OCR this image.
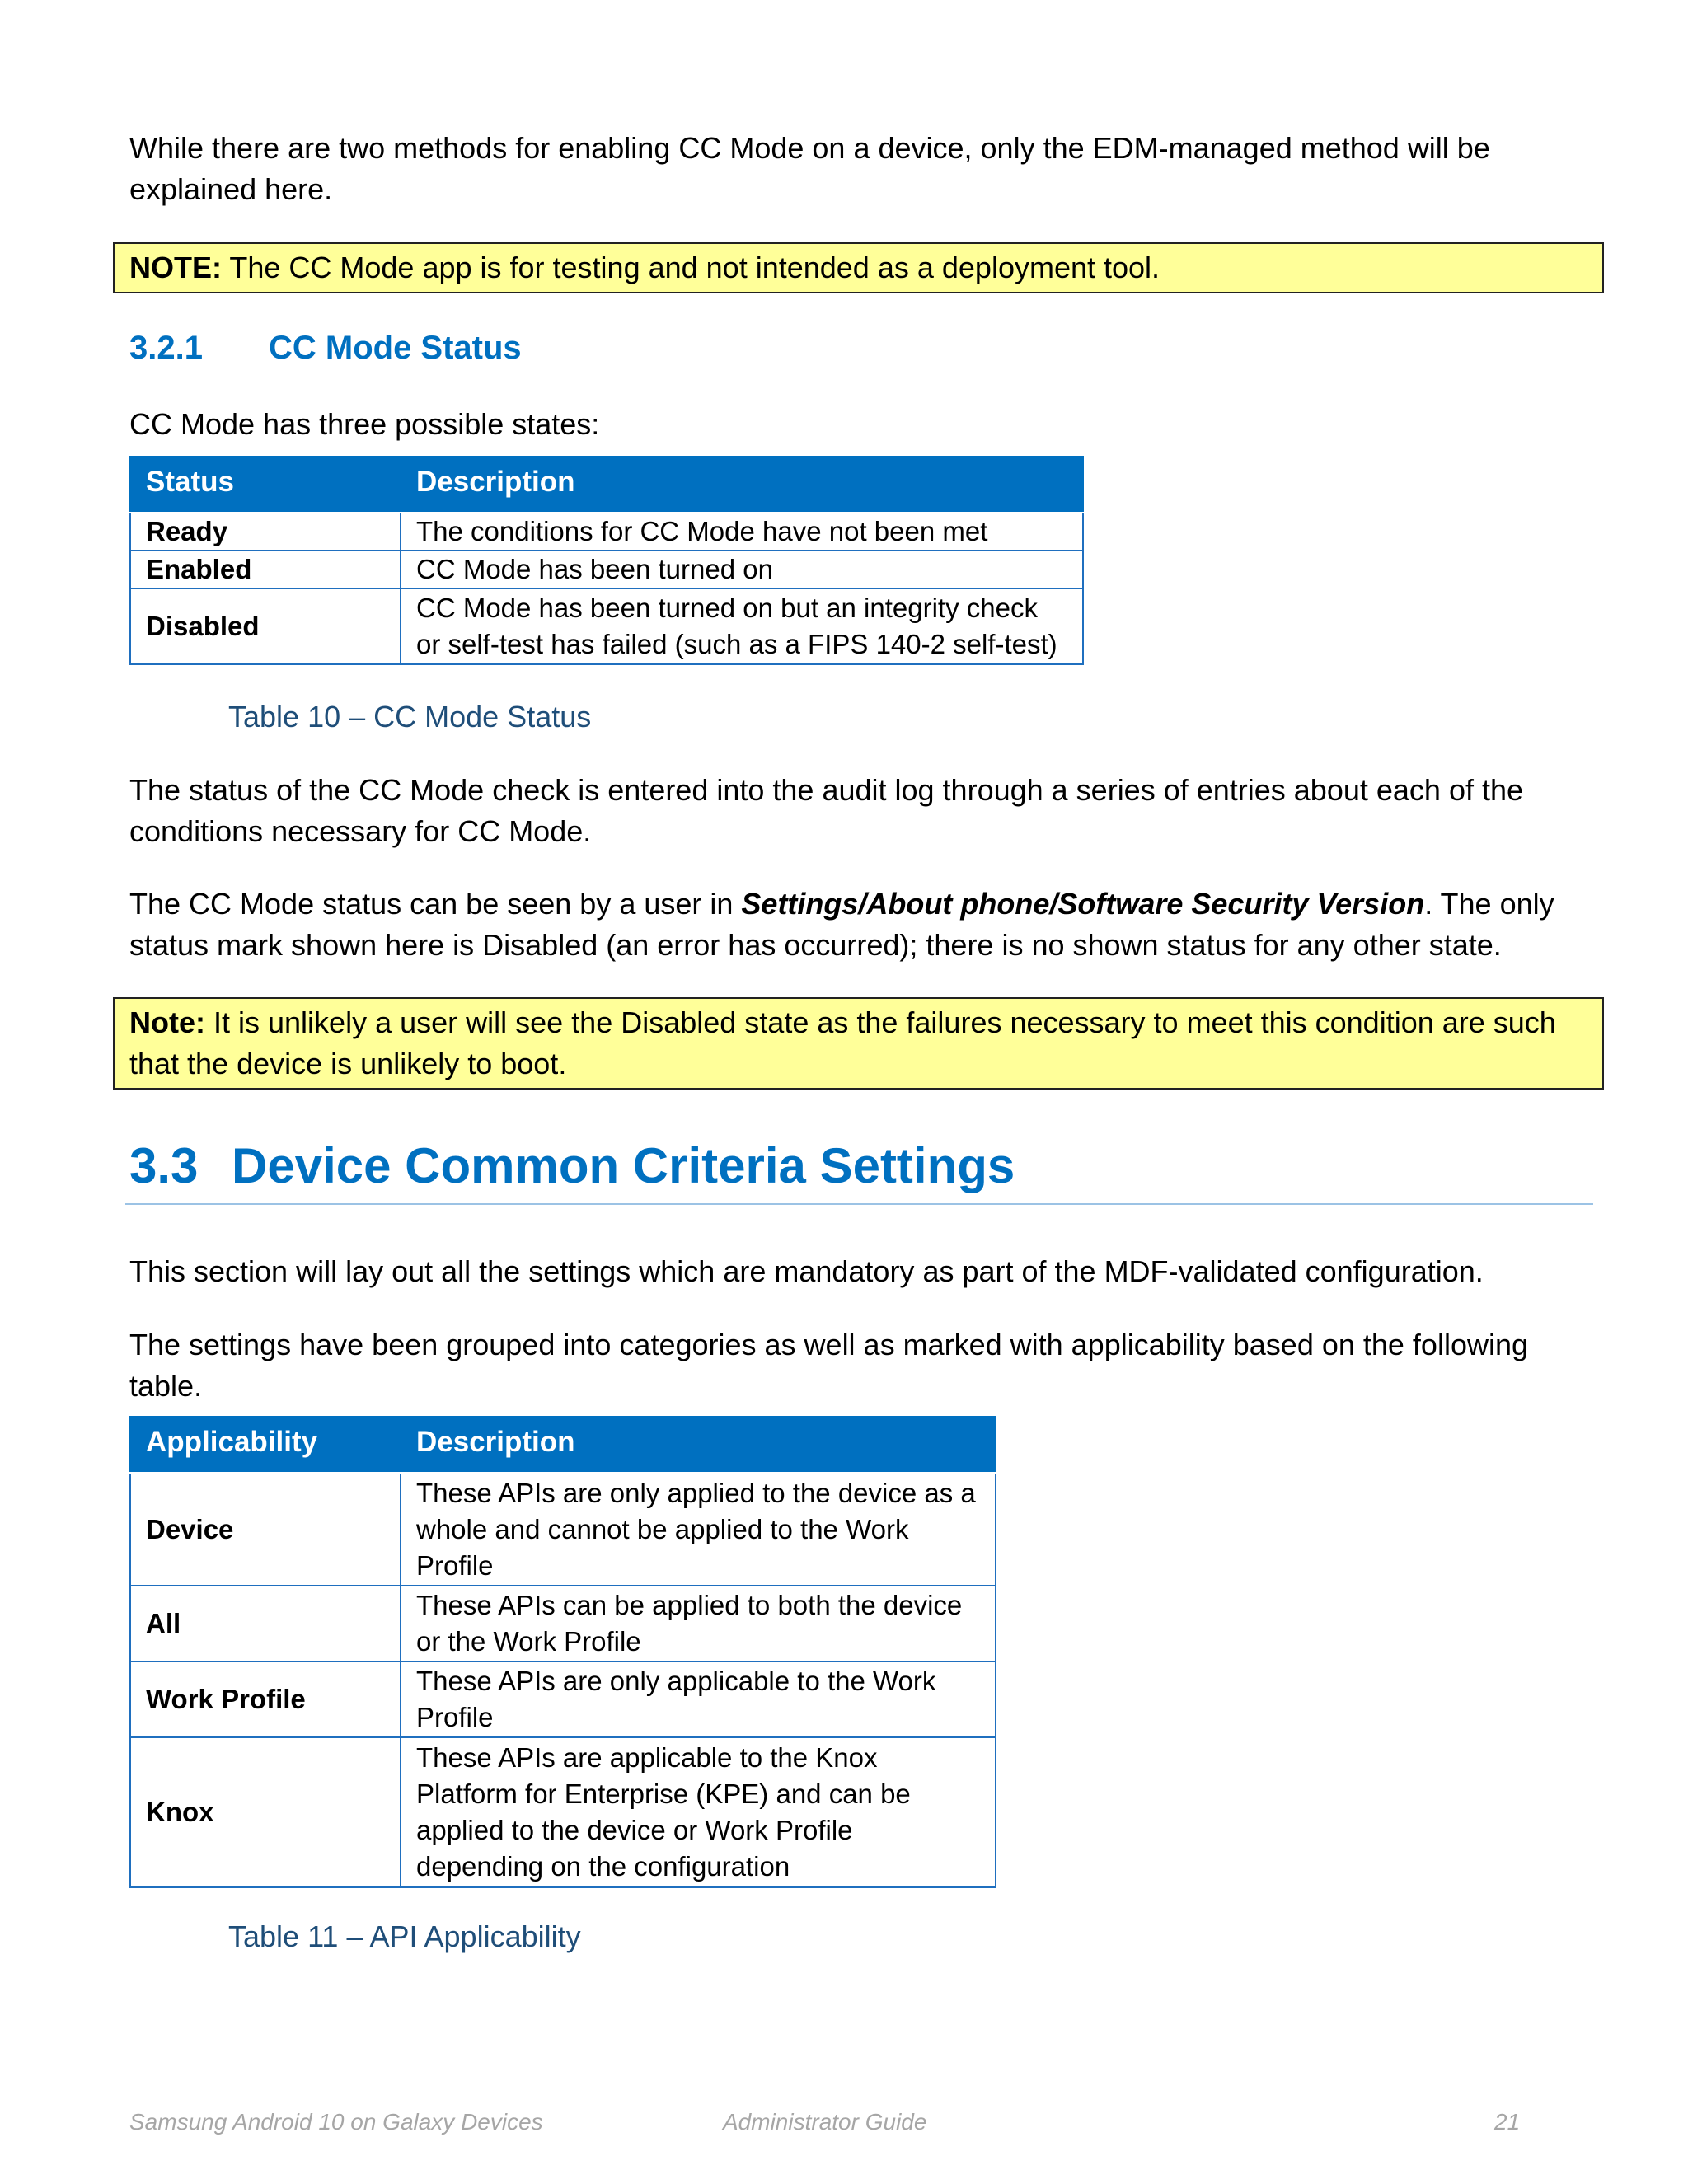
While there are two methods for enabling CC Mode on a device, only the EDM-managed method will be explained here.

NOTE: The CC Mode app is for testing and not intended as a deployment tool.
3.2.1 CC Mode Status

CC Mode has three possible states:

Status	Description
Ready	The conditions for CC Mode have not been met
Enabled	CC Mode has been turned on
Disabled	CC Mode has been turned on but an integrity check or self-test has failed (such as a FIPS 140-2 self-test)
Table 10 – CC Mode Status

The status of the CC Mode check is entered into the audit log through a series of entries about each of the conditions necessary for CC Mode.

The CC Mode status can be seen by a user in Settings/About phone/Software Security Version. The only status mark shown here is Disabled (an error has occurred); there is no shown status for any other state.

Note: It is unlikely a user will see the Disabled state as the failures necessary to meet this condition are such that the device is unlikely to boot.
3.3 Device Common Criteria Settings

This section will lay out all the settings which are mandatory as part of the MDF-validated configuration.

The settings have been grouped into categories as well as marked with applicability based on the following table.

Applicability	Description
Device	These APIs are only applied to the device as a whole and cannot be applied to the Work Profile
All	These APIs can be applied to both the device or the Work Profile
Work Profile	These APIs are only applicable to the Work Profile
Knox	These APIs are applicable to the Knox Platform for Enterprise (KPE) and can be applied to the device or Work Profile depending on the configuration
Table 11 – API Applicability
Samsung Android 10 on Galaxy Devices	Administrator Guide	21
